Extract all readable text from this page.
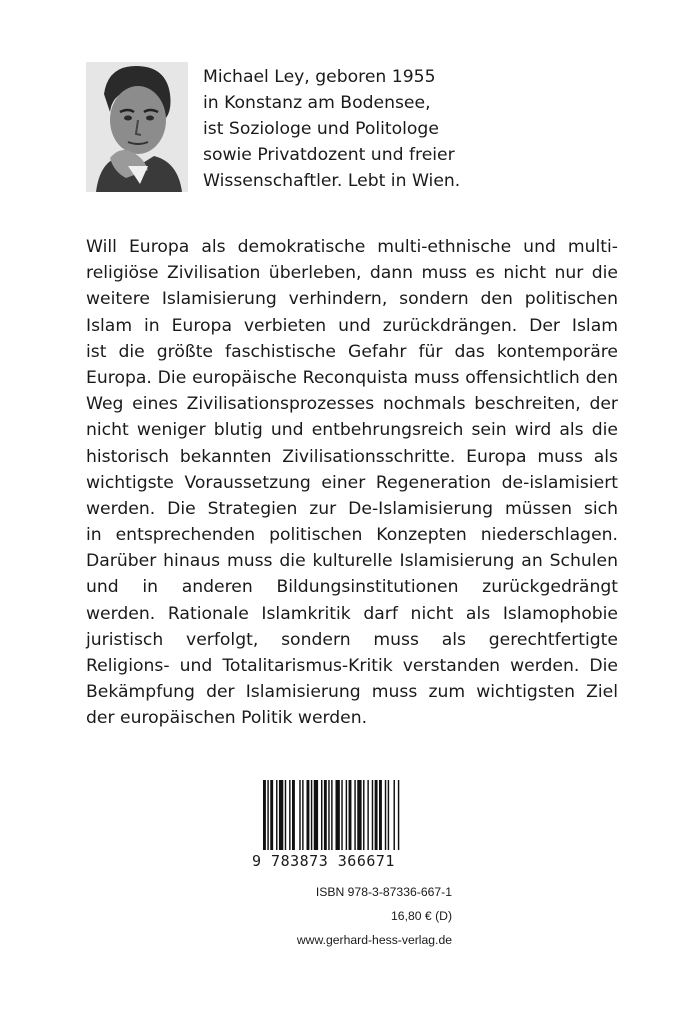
Michael Ley, geboren 1955
in Konstanz am Bodensee,
ist Soziologe und Politologe
sowie Privatdozent und freier
Wissenschaftler. Lebt in Wien.

Will Europa als demokratische multi-ethnische und multi-
religiöse Zivilisation überleben, dann muss es nicht nur die
weitere Islamisierung verhindern, sondern den politischen
Islam in Europa verbieten und zurückdrängen. Der Islam
ist die größte faschistische Gefahr für das kontemporäre
Europa. Die europäische Reconquista muss offensichtlich den
Weg eines Zivilisationsprozesses nochmals beschreiten, der
nicht weniger blutig und entbehrungsreich sein wird als die
historisch bekannten Zivilisationsschritte. Europa muss als
wichtigste Voraussetzung einer Regeneration de-islamisiert
werden. Die Strategien zur De-Islamisierung müssen sich
in entsprechenden politischen Konzepten niederschlagen.
Darüber hinaus muss die kulturelle Islamisierung an Schulen
und in anderen Bildungsinstitutionen zurückgedrängt
werden. Rationale Islamkritik darf nicht als Islamophobie
juristisch verfolgt, sondern muss als gerechtfertigte
Religions- und Totalitarismus-Kritik verstanden werden. Die
Bekämpfung der Islamisierung muss zum wichtigsten Ziel
der europäischen Politik werden.

9 783873 366671
ISBN 978-3-87336-667-1
16,80 € (D)
www.gerhard-hess-verlag.de
